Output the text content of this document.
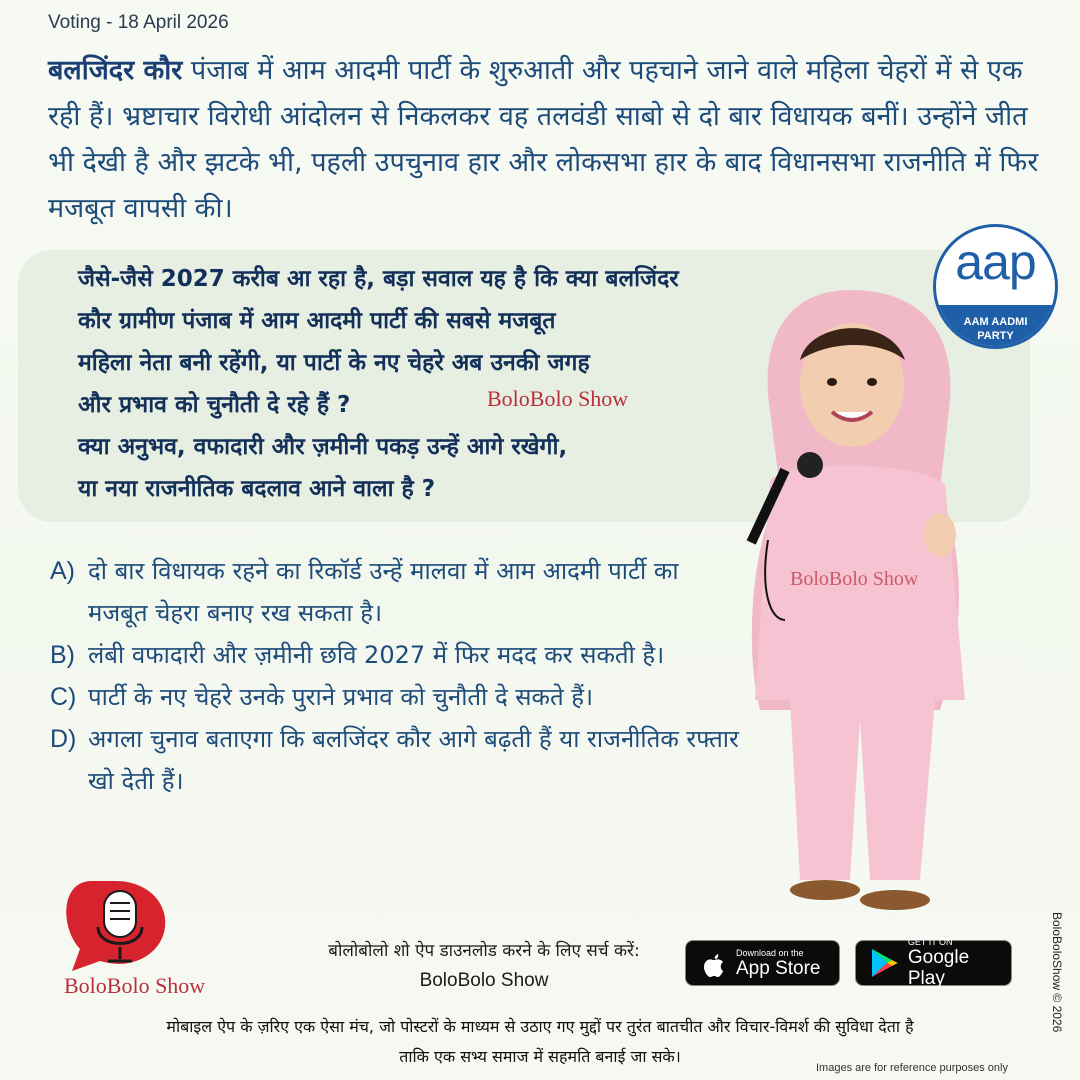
Voting - 18 April 2026
बलजिंदर कौर पंजाब में आम आदमी पार्टी के शुरुआती और पहचाने जाने वाले महिला चेहरों में से एक रही हैं। भ्रष्टाचार विरोधी आंदोलन से निकलकर वह तलवंडी साबो से दो बार विधायक बनीं। उन्होंने जीत भी देखी है और झटके भी, पहली उपचुनाव हार और लोकसभा हार के बाद विधानसभा राजनीति में फिर मजबूत वापसी की।
जैसे-जैसे 2027 करीब आ रहा है, बड़ा सवाल यह है कि क्या बलजिंदर
कौर ग्रामीण पंजाब में आम आदमी पार्टी की सबसे मजबूत
महिला नेता बनी रहेंगी, या पार्टी के नए चेहरे अब उनकी जगह
और प्रभाव को चुनौती दे रहे हैं ?
क्या अनुभव, वफादारी और ज़मीनी पकड़ उन्हें आगे रखेगी,
या नया राजनीतिक बदलाव आने वाला है ?
BoloBolo Show
aap
AAM AADMI
PARTY
BoloBolo Show
A) दो बार विधायक रहने का रिकॉर्ड उन्हें मालवा में आम आदमी पार्टी का मजबूत चेहरा बनाए रख सकता है।
B) लंबी वफादारी और ज़मीनी छवि 2027 में फिर मदद कर सकती है।
C) पार्टी के नए चेहरे उनके पुराने प्रभाव को चुनौती दे सकते हैं।
D) अगला चुनाव बताएगा कि बलजिंदर कौर आगे बढ़ती हैं या राजनीतिक रफ्तार खो देती हैं।
BoloBolo Show
बोलोबोलो शो ऐप डाउनलोड करने के लिए सर्च करें:
BoloBolo Show
Download on the
App Store
GET IT ON
Google Play
मोबाइल ऐप के ज़रिए एक ऐसा मंच, जो पोस्टरों के माध्यम से उठाए गए मुद्दों पर तुरंत बातचीत और विचार-विमर्श की सुविधा देता है
ताकि एक सभ्य समाज में सहमति बनाई जा सके।
Images are for reference purposes only
BoloBoloShow © 2026
